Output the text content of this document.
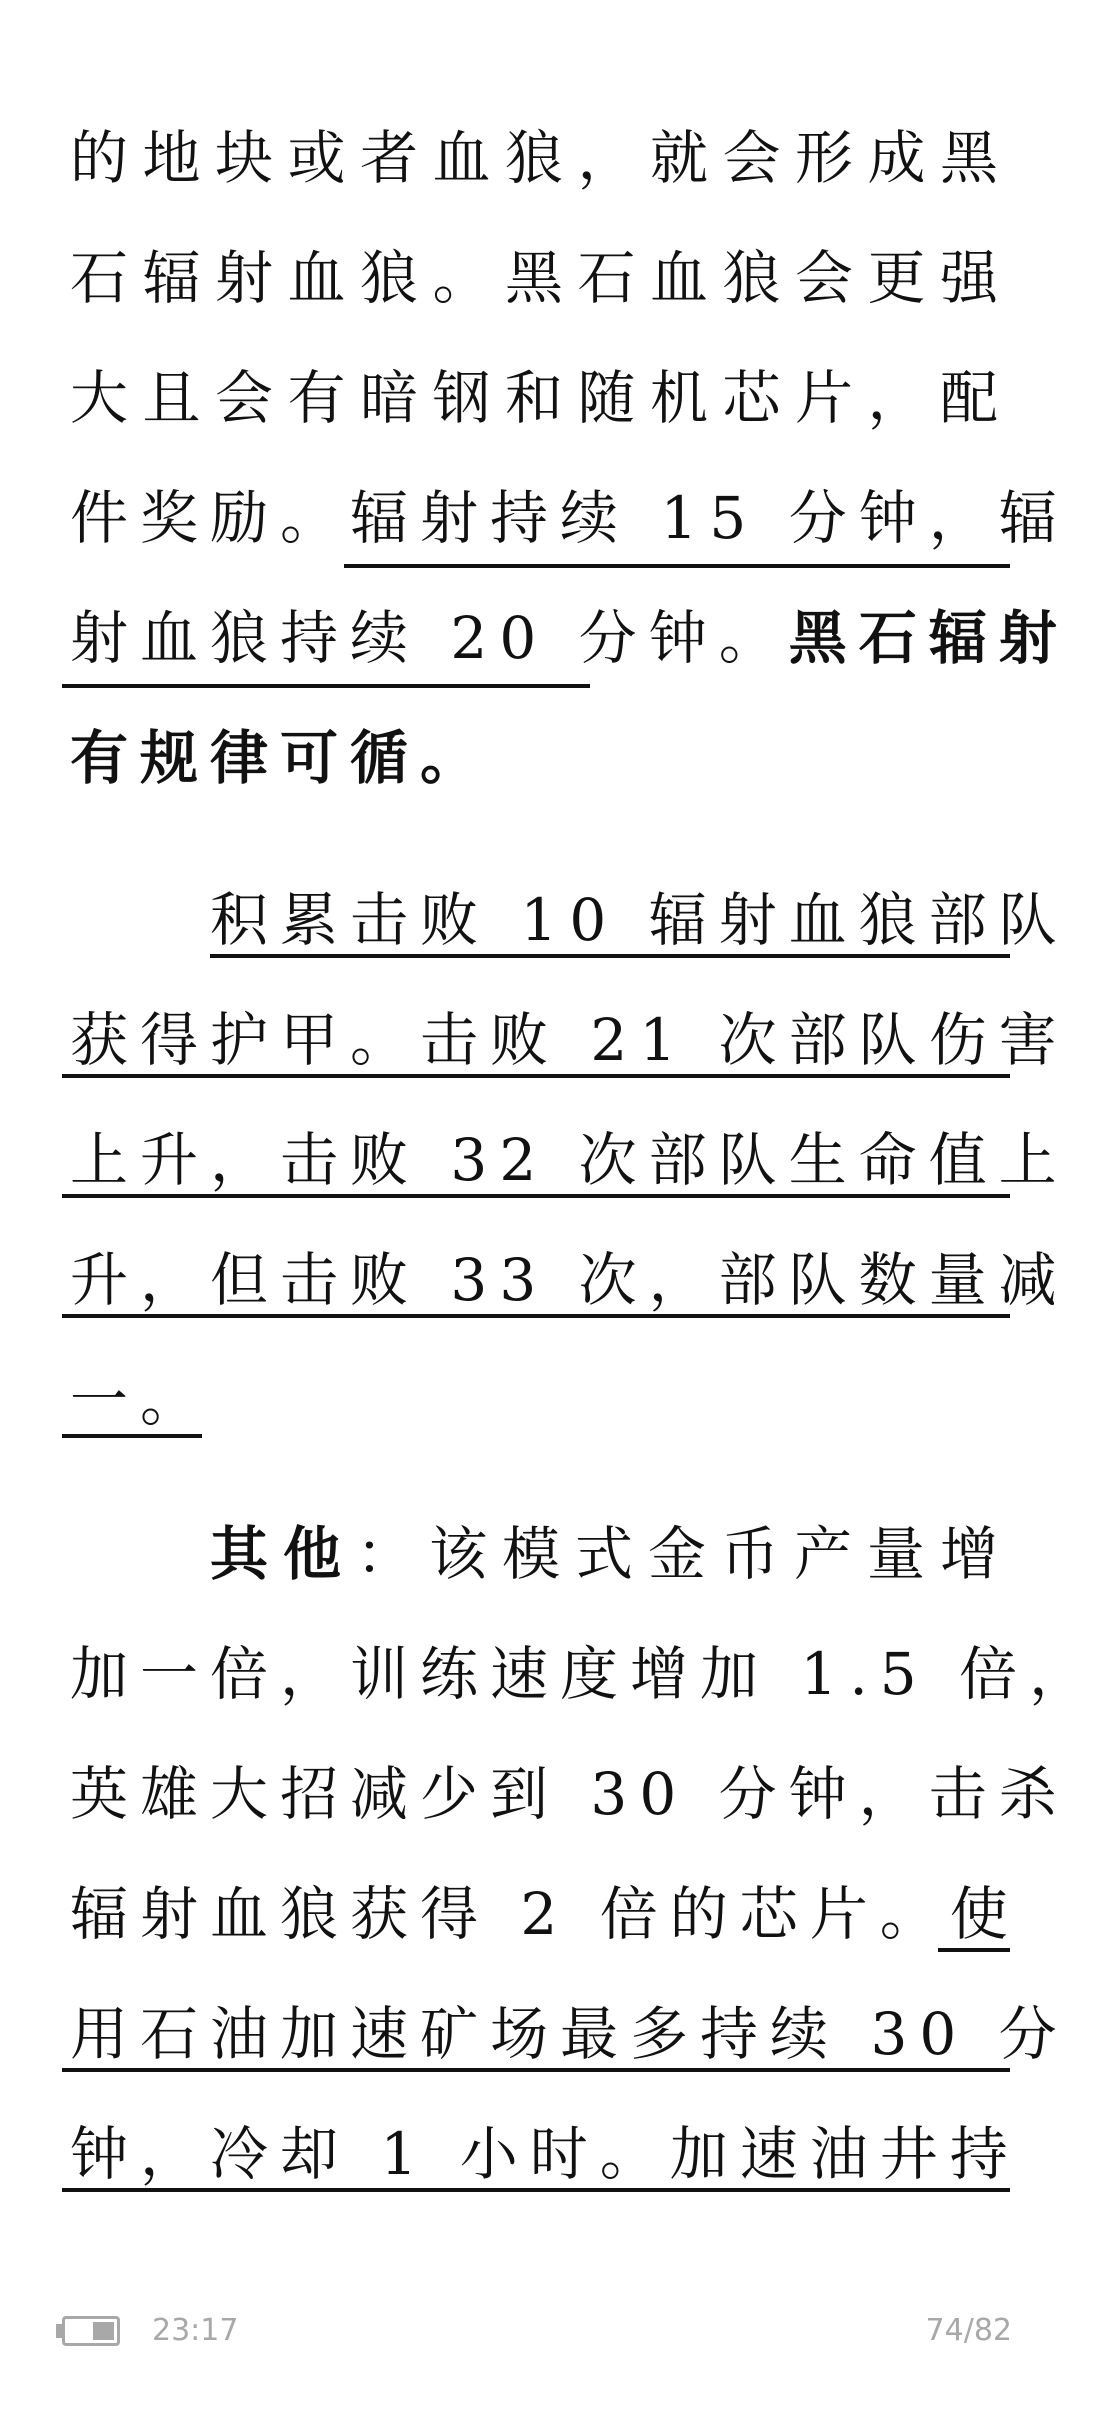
的地块或者血狼，就会形成黑
石辐射血狼。黑石血狼会更强
大且会有暗钢和随机芯片，配
件奖励。辐射持续 15 分钟，辐
射血狼持续 20 分钟。黑石辐射
有规律可循。
积累击败 10 辐射血狼部队
获得护甲。击败 21 次部队伤害
上升，击败 32 次部队生命值上
升，但击败 33 次，部队数量减
一。
其他：该模式金币产量增
加一倍，训练速度增加 1.5 倍，
英雄大招减少到 30 分钟，击杀
辐射血狼获得 2 倍的芯片。使
用石油加速矿场最多持续 30 分
钟，冷却 1 小时。加速油井持
23:17	74/82
